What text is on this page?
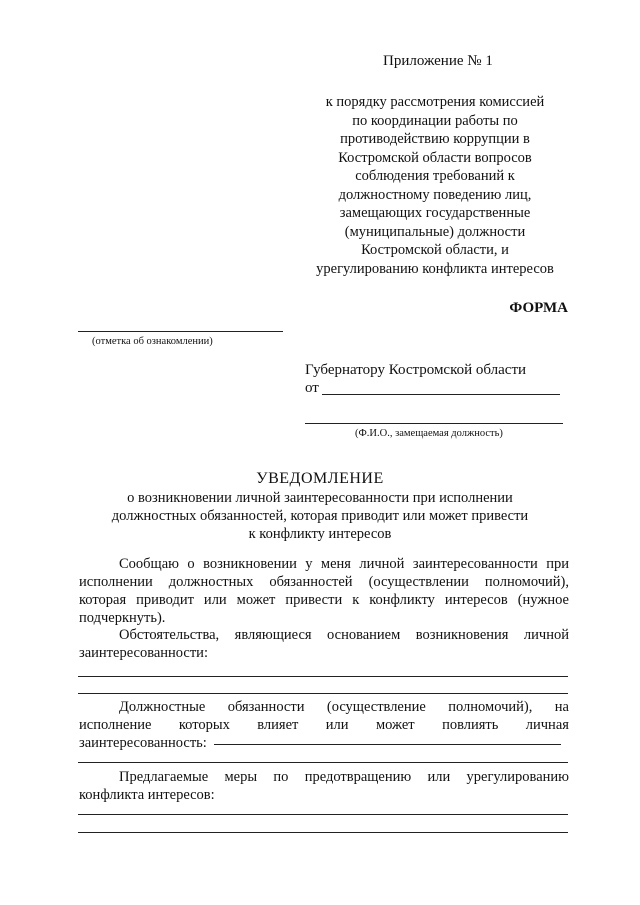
Приложение № 1
к порядку рассмотрения комиссией
по координации работы по
противодействию коррупции в
Костромской области вопросов
соблюдения требований к
должностному поведению лиц,
замещающих государственные
(муниципальные) должности
Костромской области, и
урегулированию конфликта интересов
ФОРМА
(отметка об ознакомлении)
Губернатору Костромской области
от
(Ф.И.О., замещаемая должность)
УВЕДОМЛЕНИЕ
о возникновении личной заинтересованности при исполнении
должностных обязанностей, которая приводит или может привести
к конфликту интересов
Сообщаю о возникновении у меня личной заинтересованности при
исполнении должностных обязанностей (осуществлении полномочий),
которая приводит или может привести к конфликту интересов (нужное
подчеркнуть).
Обстоятельства, являющиеся основанием возникновения личной
заинтересованности:
Должностные обязанности (осуществление полномочий), на
исполнение которых влияет или может повлиять личная
заинтересованность:
Предлагаемые меры по предотвращению или урегулированию
конфликта интересов:
